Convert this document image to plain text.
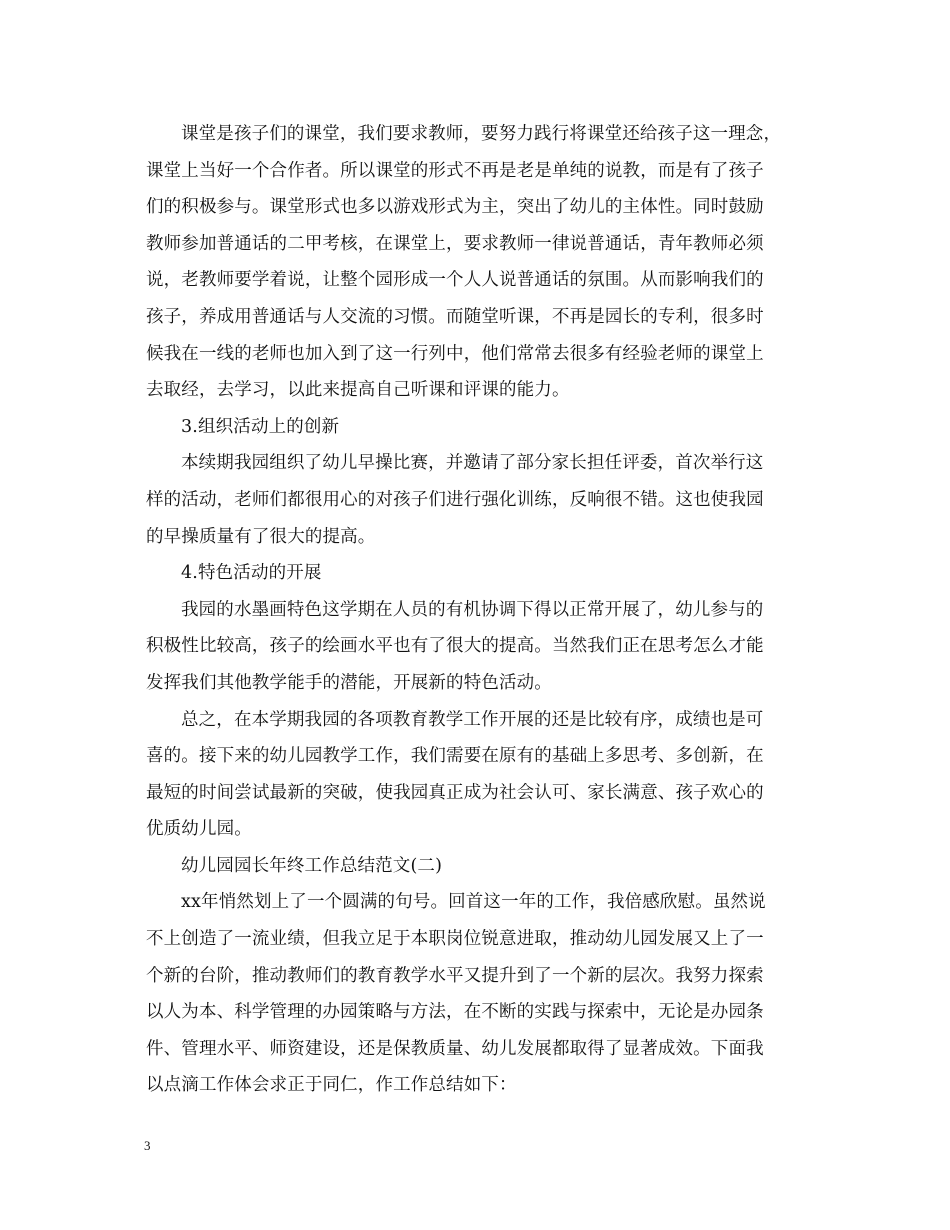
课堂是孩子们的课堂，我们要求教师，要努力践行将课堂还给孩子这一理念，
课堂上当好一个合作者。所以课堂的形式不再是老是单纯的说教，而是有了孩子
们的积极参与。课堂形式也多以游戏形式为主，突出了幼儿的主体性。同时鼓励
教师参加普通话的二甲考核，在课堂上，要求教师一律说普通话，青年教师必须
说，老教师要学着说，让整个园形成一个人人说普通话的氛围。从而影响我们的
孩子，养成用普通话与人交流的习惯。而随堂听课，不再是园长的专利，很多时
候我在一线的老师也加入到了这一行列中，他们常常去很多有经验老师的课堂上
去取经，去学习，以此来提高自己听课和评课的能力。
3.组织活动上的创新
本续期我园组织了幼儿早操比赛，并邀请了部分家长担任评委，首次举行这
样的活动，老师们都很用心的对孩子们进行强化训练，反响很不错。这也使我园
的早操质量有了很大的提高。
4.特色活动的开展
我园的水墨画特色这学期在人员的有机协调下得以正常开展了，幼儿参与的
积极性比较高，孩子的绘画水平也有了很大的提高。当然我们正在思考怎么才能
发挥我们其他教学能手的潜能，开展新的特色活动。
总之，在本学期我园的各项教育教学工作开展的还是比较有序，成绩也是可
喜的。接下来的幼儿园教学工作，我们需要在原有的基础上多思考、多创新，在
最短的时间尝试最新的突破，使我园真正成为社会认可、家长满意、孩子欢心的
优质幼儿园。
幼儿园园长年终工作总结范文(二)
xx年悄然划上了一个圆满的句号。回首这一年的工作，我倍感欣慰。虽然说
不上创造了一流业绩，但我立足于本职岗位锐意进取，推动幼儿园发展又上了一
个新的台阶，推动教师们的教育教学水平又提升到了一个新的层次。我努力探索
以人为本、科学管理的办园策略与方法，在不断的实践与探索中，无论是办园条
件、管理水平、师资建设，还是保教质量、幼儿发展都取得了显著成效。下面我
以点滴工作体会求正于同仁，作工作总结如下：
3
